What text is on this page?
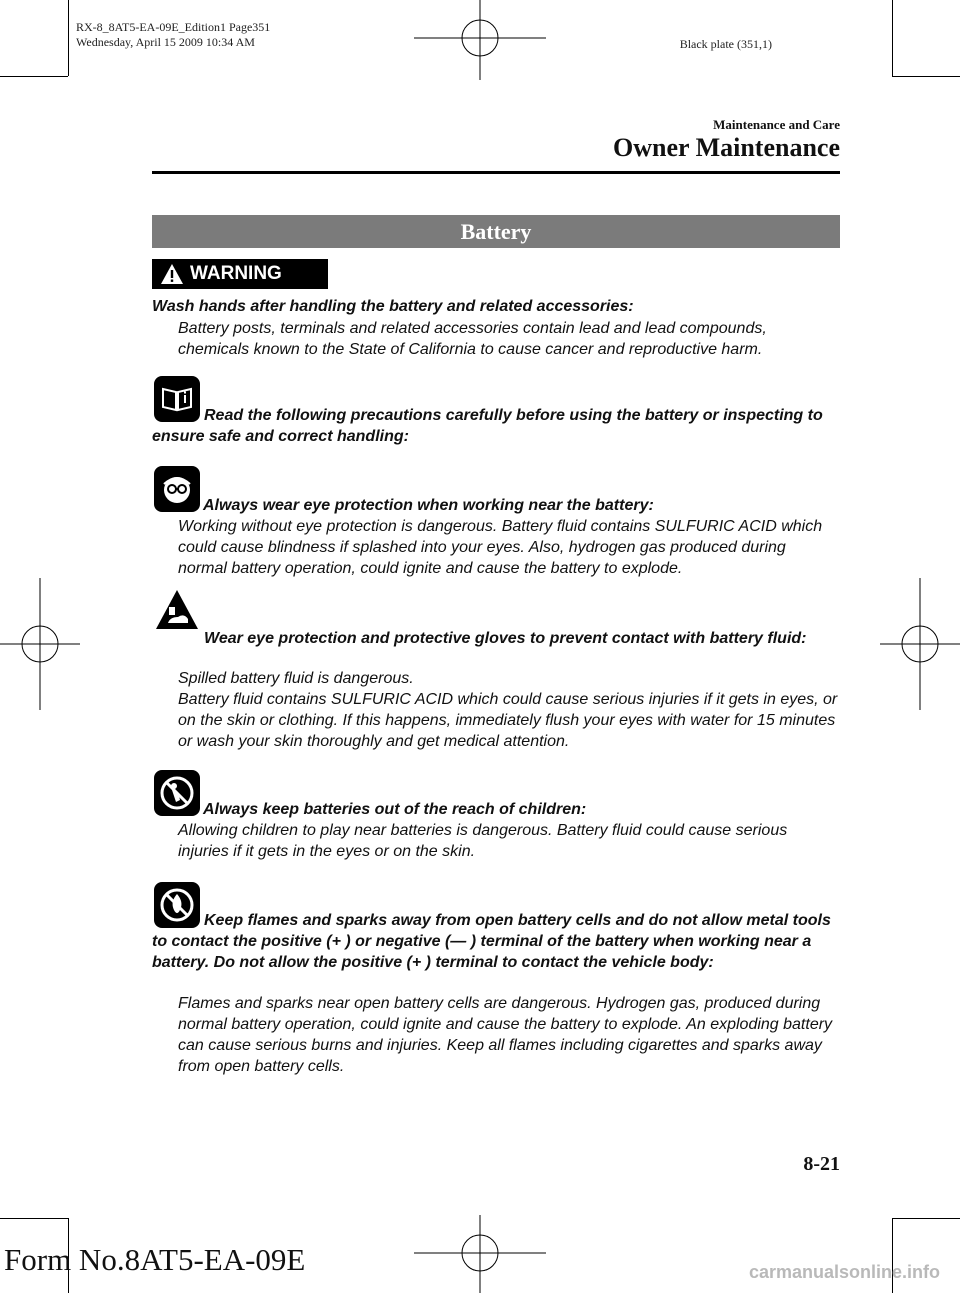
RX-8_8AT5-EA-09E_Edition1 Page351
Wednesday, April 15 2009 10:34 AM	Black plate (351,1)
Maintenance and Care
Owner Maintenance
Battery
WARNING

Wash hands after handling the battery and related accessories:

Battery posts, terminals and related accessories contain lead and lead compounds, chemicals known to the State of California to cause cancer and reproductive harm.

Read the following precautions carefully before using the battery or inspecting to ensure safe and correct handling:

Always wear eye protection when working near the battery:

Working without eye protection is dangerous. Battery fluid contains SULFURIC ACID which could cause blindness if splashed into your eyes. Also, hydrogen gas produced during normal battery operation, could ignite and cause the battery to explode.

Wear eye protection and protective gloves to prevent contact with battery fluid:

Spilled battery fluid is dangerous.

Battery fluid contains SULFURIC ACID which could cause serious injuries if it gets in eyes, or on the skin or clothing. If this happens, immediately flush your eyes with water for 15 minutes or wash your skin thoroughly and get medical attention.

Always keep batteries out of the reach of children:

Allowing children to play near batteries is dangerous. Battery fluid could cause serious injuries if it gets in the eyes or on the skin.

Keep flames and sparks away from open battery cells and do not allow metal tools to contact the positive (+ ) or negative (— ) terminal of the battery when working near a battery. Do not allow the positive (+ ) terminal to contact the vehicle body:

Flames and sparks near open battery cells are dangerous. Hydrogen gas, produced during normal battery operation, could ignite and cause the battery to explode. An exploding battery can cause serious burns and injuries. Keep all flames including cigarettes and sparks away from open battery cells.

8-21
Form No.8AT5-EA-09E	carmanualsonline.info
